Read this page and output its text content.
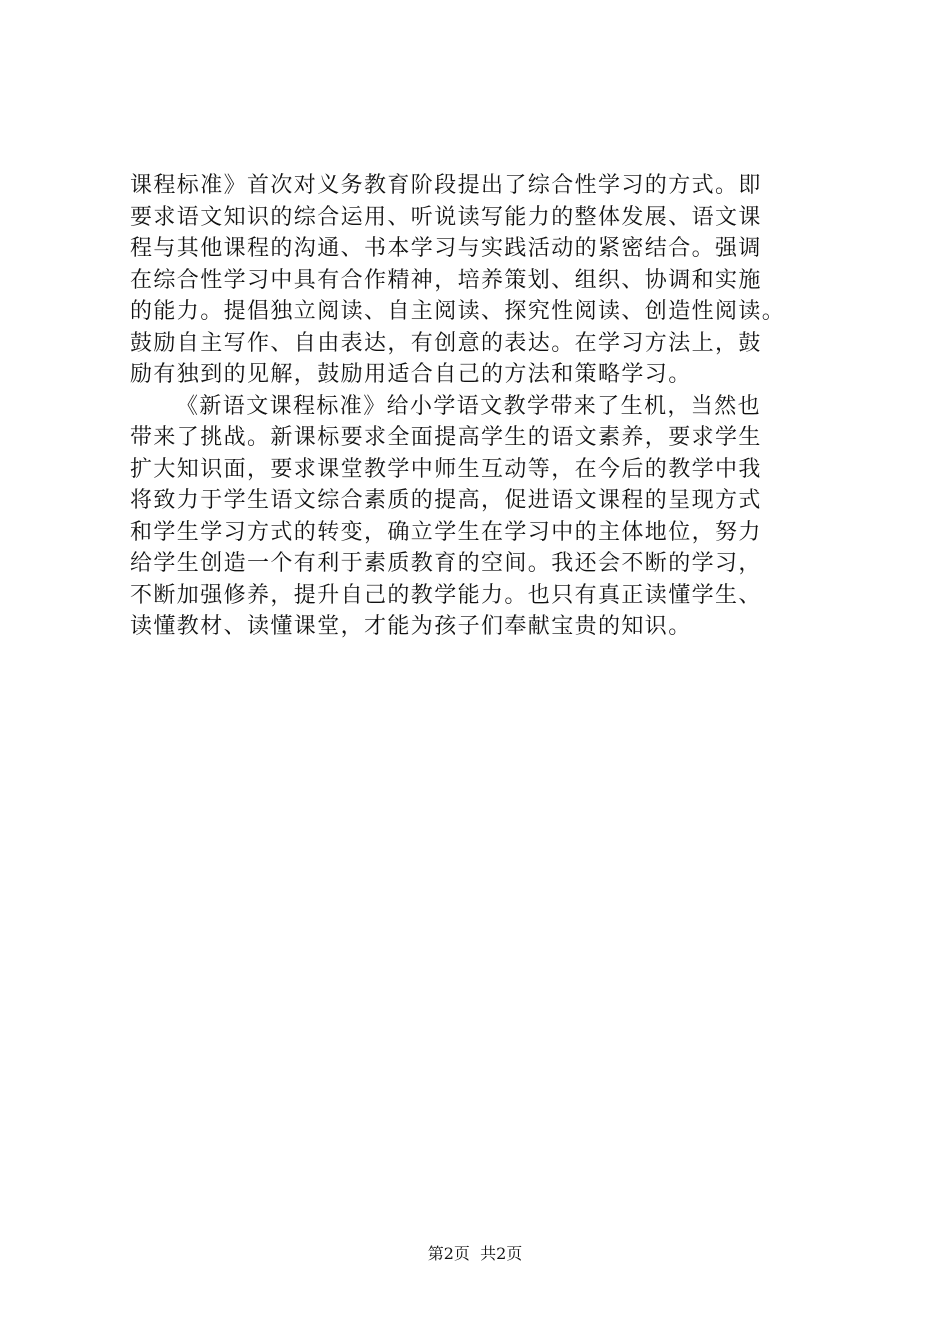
课程标准》首次对义务教育阶段提出了综合性学习的方式。即
要求语文知识的综合运用、听说读写能力的整体发展、语文课
程与其他课程的沟通、书本学习与实践活动的紧密结合。强调
在综合性学习中具有合作精神，培养策划、组织、协调和实施
的能力。提倡独立阅读、自主阅读、探究性阅读、创造性阅读。
鼓励自主写作、自由表达，有创意的表达。在学习方法上，鼓
励有独到的见解，鼓励用适合自己的方法和策略学习。
《新语文课程标准》给小学语文教学带来了生机，当然也
带来了挑战。新课标要求全面提高学生的语文素养，要求学生
扩大知识面，要求课堂教学中师生互动等，在今后的教学中我
将致力于学生语文综合素质的提高，促进语文课程的呈现方式
和学生学习方式的转变，确立学生在学习中的主体地位，努力
给学生创造一个有利于素质教育的空间。我还会不断的学习，
不断加强修养，提升自己的教学能力。也只有真正读懂学生、
读懂教材、读懂课堂，才能为孩子们奉献宝贵的知识。
第2页  共2页
